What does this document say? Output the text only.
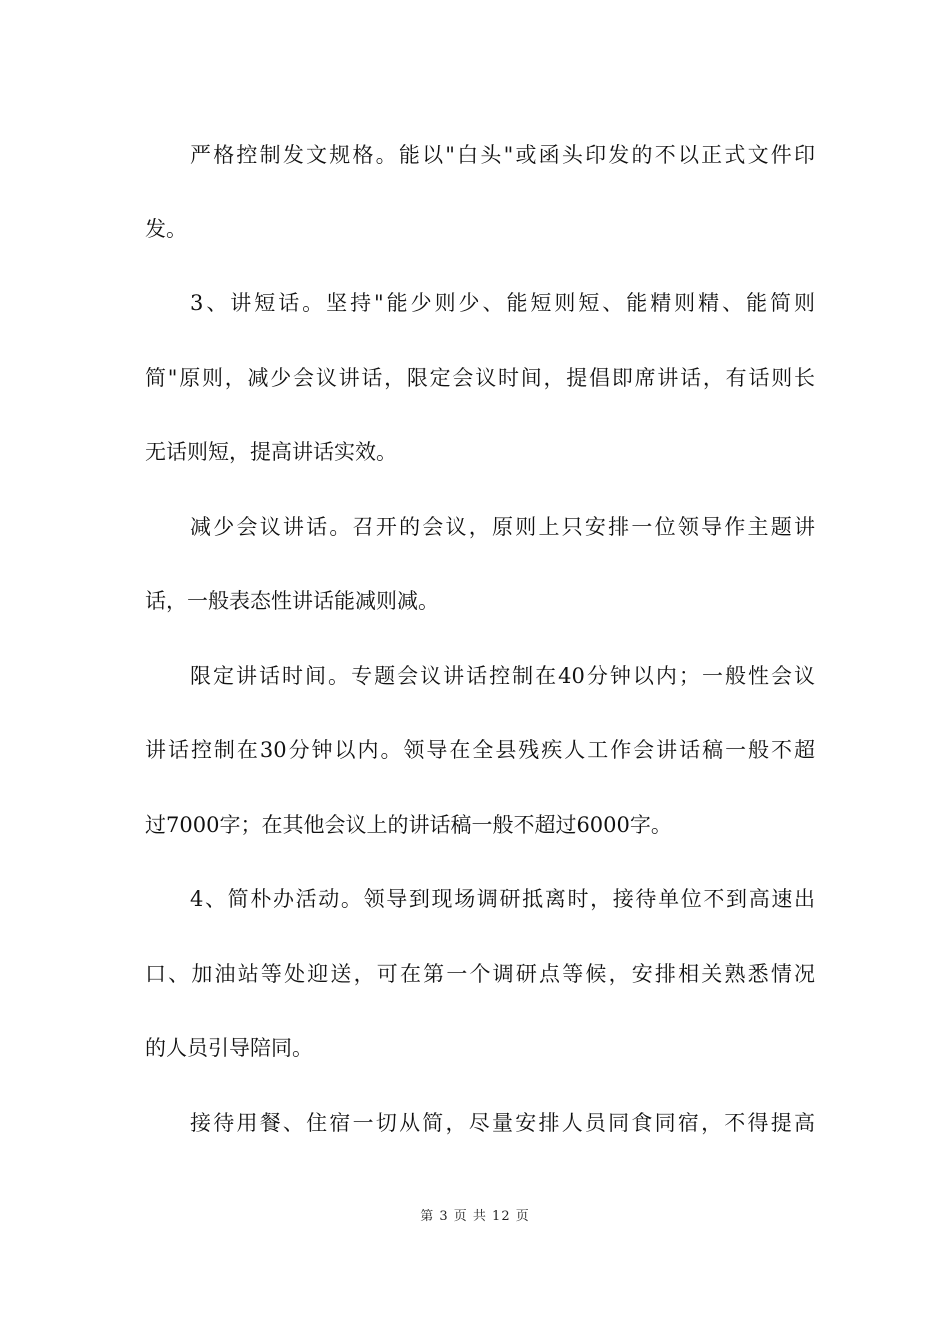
严格控制发文规格。能以"白头"或函头印发的不以正式文件印
发。
3、讲短话。坚持"能少则少、能短则短、能精则精、能简则
简"原则，减少会议讲话，限定会议时间，提倡即席讲话，有话则长
无话则短，提高讲话实效。
减少会议讲话。召开的会议，原则上只安排一位领导作主题讲
话，一般表态性讲话能减则减。
限定讲话时间。专题会议讲话控制在40分钟以内；一般性会议
讲话控制在30分钟以内。领导在全县残疾人工作会讲话稿一般不超
过7000字；在其他会议上的讲话稿一般不超过6000字。
4、简朴办活动。领导到现场调研抵离时，接待单位不到高速出
口、加油站等处迎送，可在第一个调研点等候，安排相关熟悉情况
的人员引导陪同。
接待用餐、住宿一切从简，尽量安排人员同食同宿，不得提高
第 3 页 共 12 页
